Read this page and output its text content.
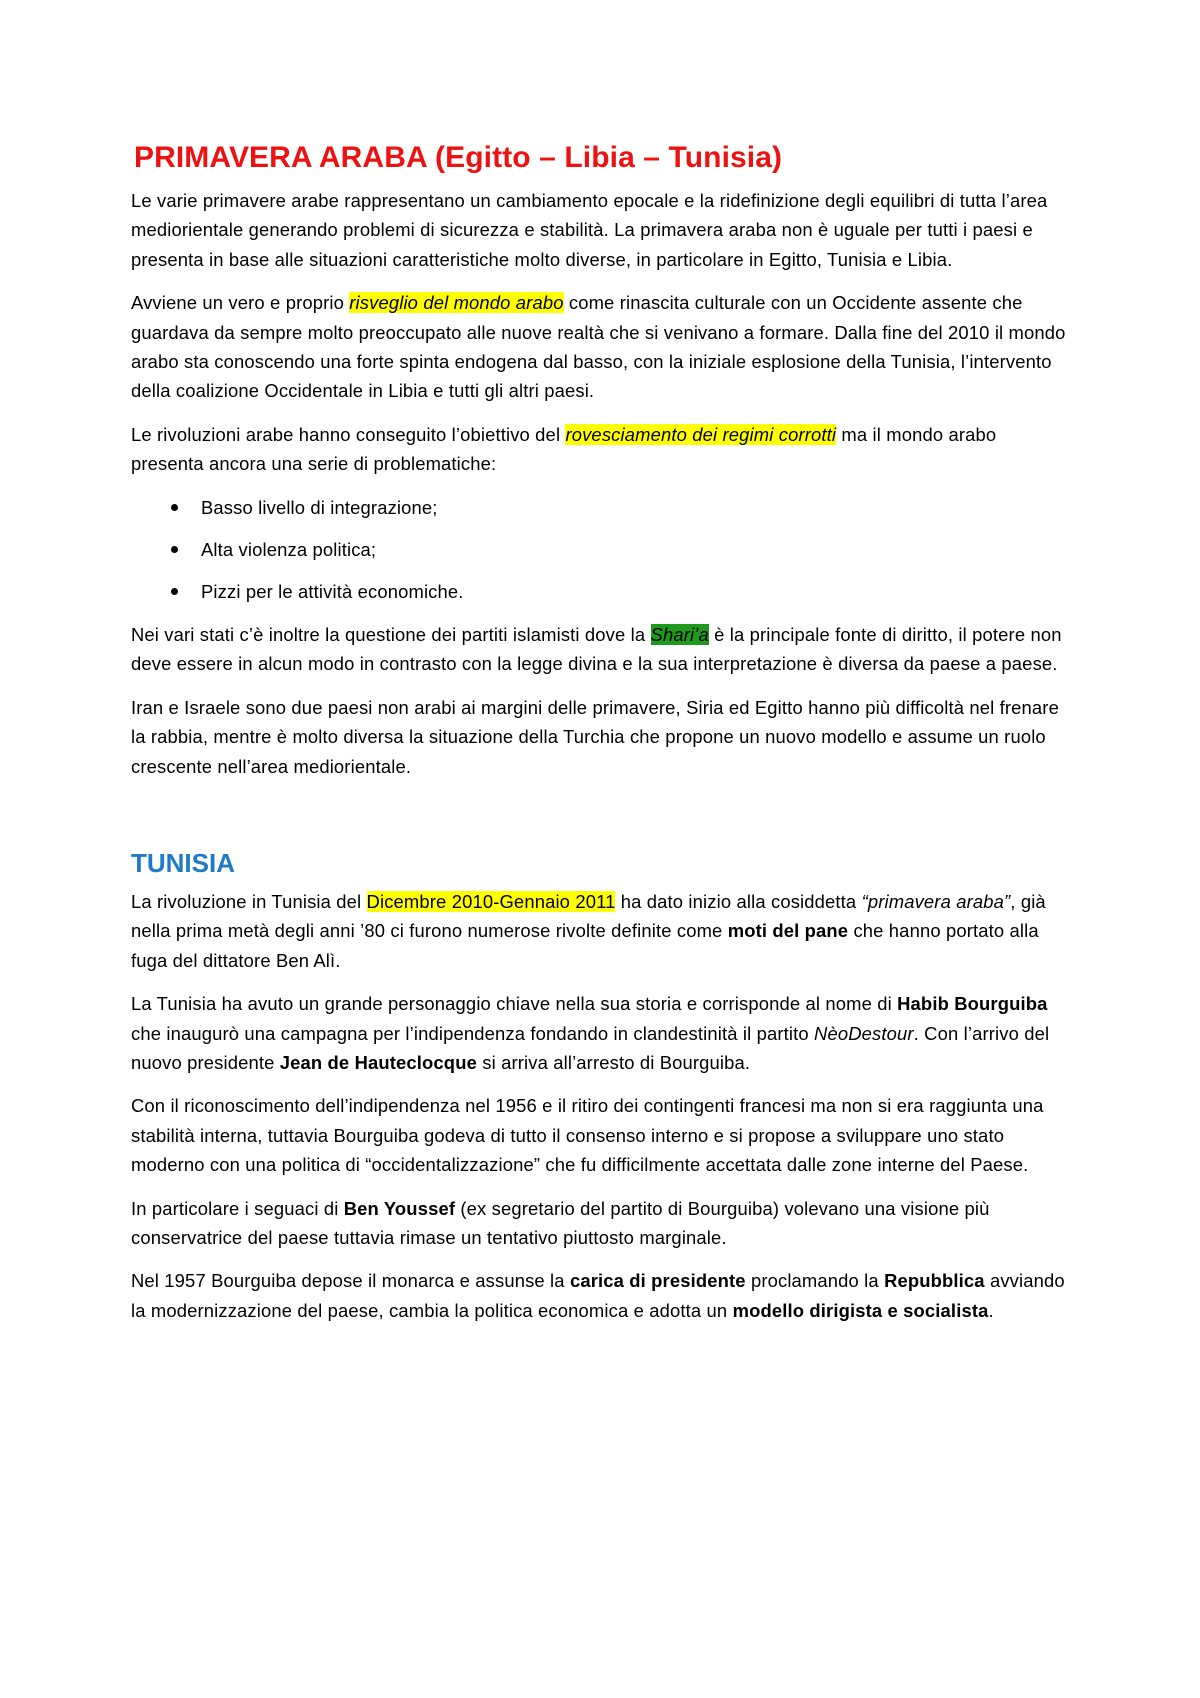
PRIMAVERA ARABA (Egitto – Libia – Tunisia)

Le varie primavere arabe rappresentano un cambiamento epocale e la ridefinizione degli equilibri di tutta l’area mediorientale generando problemi di sicurezza e stabilità. La primavera araba non è uguale per tutti i paesi e presenta in base alle situazioni caratteristiche molto diverse, in particolare in Egitto, Tunisia e Libia.

Avviene un vero e proprio risveglio del mondo arabo come rinascita culturale con un Occidente assente che guardava da sempre molto preoccupato alle nuove realtà che si venivano a formare. Dalla fine del 2010 il mondo arabo sta conoscendo una forte spinta endogena dal basso, con la iniziale esplosione della Tunisia, l’intervento della coalizione Occidentale in Libia e tutti gli altri paesi.

Le rivoluzioni arabe hanno conseguito l’obiettivo del rovesciamento dei regimi corrotti ma il mondo arabo presenta ancora una serie di problematiche:

Basso livello di integrazione;
Alta violenza politica;
Pizzi per le attività economiche.

Nei vari stati c’è inoltre la questione dei partiti islamisti dove la Shari’a è la principale fonte di diritto, il potere non deve essere in alcun modo in contrasto con la legge divina e la sua interpretazione è diversa da paese a paese.

Iran e Israele sono due paesi non arabi ai margini delle primavere, Siria ed Egitto hanno più difficoltà nel frenare la rabbia, mentre è molto diversa la situazione della Turchia che propone un nuovo modello e assume un ruolo crescente nell’area mediorientale.

TUNISIA

La rivoluzione in Tunisia del Dicembre 2010-Gennaio 2011 ha dato inizio alla cosiddetta “primavera araba”, già nella prima metà degli anni ’80 ci furono numerose rivolte definite come moti del pane che hanno portato alla fuga del dittatore Ben Alì.

La Tunisia ha avuto un grande personaggio chiave nella sua storia e corrisponde al nome di Habib Bourguiba che inaugurò una campagna per l’indipendenza fondando in clandestinità il partito NèoDestour. Con l’arrivo del nuovo presidente Jean de Hauteclocque si arriva all’arresto di Bourguiba.

Con il riconoscimento dell’indipendenza nel 1956 e il ritiro dei contingenti francesi ma non si era raggiunta una stabilità interna, tuttavia Bourguiba godeva di tutto il consenso interno e si propose a sviluppare uno stato moderno con una politica di “occidentalizzazione” che fu difficilmente accettata dalle zone interne del Paese.

In particolare i seguaci di Ben Youssef (ex segretario del partito di Bourguiba) volevano una visione più conservatrice del paese tuttavia rimase un tentativo piuttosto marginale.

Nel 1957 Bourguiba depose il monarca e assunse la carica di presidente proclamando la Repubblica avviando la modernizzazione del paese, cambia la politica economica e adotta un modello dirigista e socialista.
